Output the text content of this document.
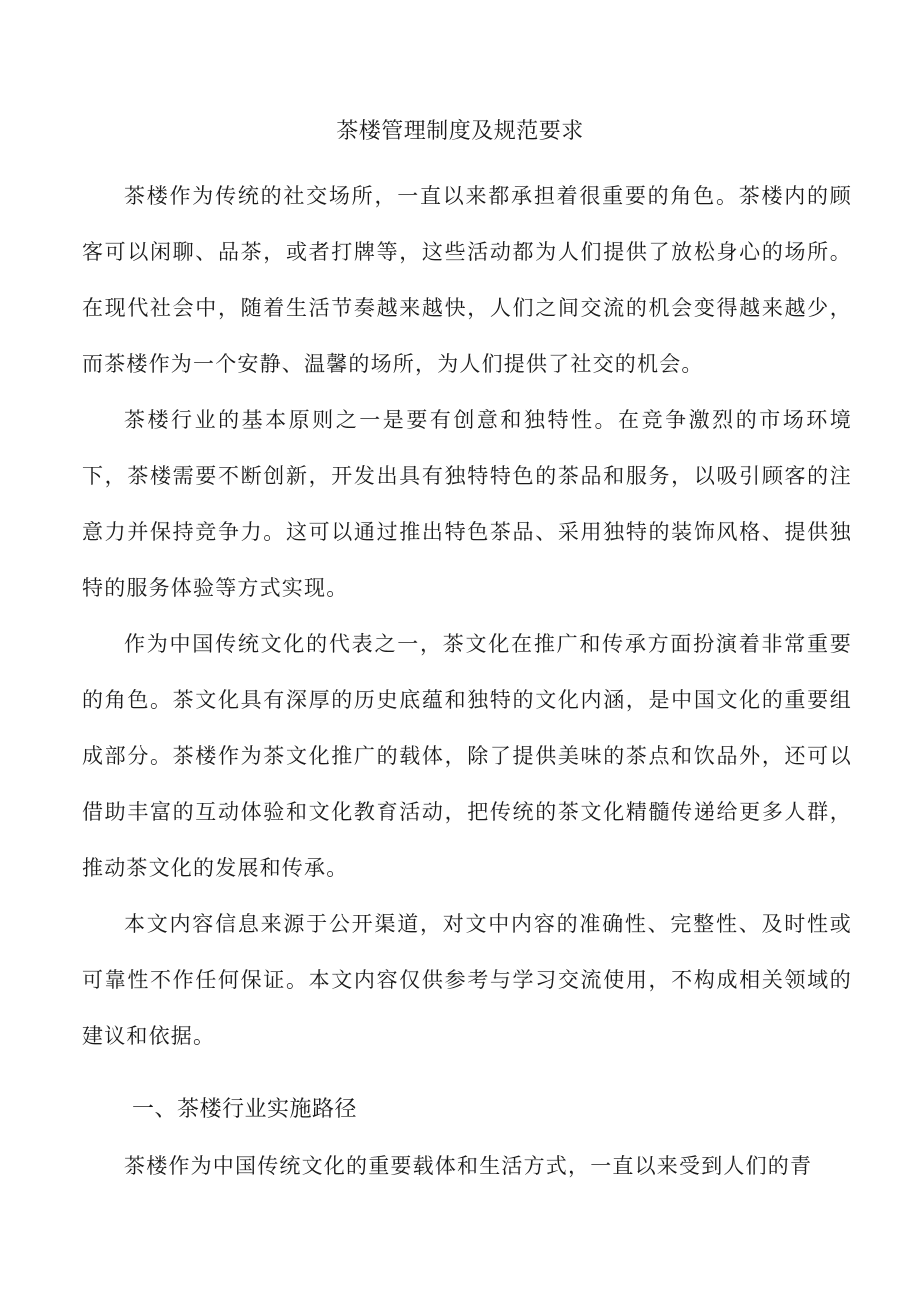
茶楼管理制度及规范要求

茶楼作为传统的社交场所，一直以来都承担着很重要的角色。茶楼内的顾客可以闲聊、品茶，或者打牌等，这些活动都为人们提供了放松身心的场所。在现代社会中，随着生活节奏越来越快，人们之间交流的机会变得越来越少，而茶楼作为一个安静、温馨的场所，为人们提供了社交的机会。

茶楼行业的基本原则之一是要有创意和独特性。在竞争激烈的市场环境下，茶楼需要不断创新，开发出具有独特特色的茶品和服务，以吸引顾客的注意力并保持竞争力。这可以通过推出特色茶品、采用独特的装饰风格、提供独特的服务体验等方式实现。

作为中国传统文化的代表之一，茶文化在推广和传承方面扮演着非常重要的角色。茶文化具有深厚的历史底蕴和独特的文化内涵，是中国文化的重要组成部分。茶楼作为茶文化推广的载体，除了提供美味的茶点和饮品外，还可以借助丰富的互动体验和文化教育活动，把传统的茶文化精髓传递给更多人群，推动茶文化的发展和传承。

本文内容信息来源于公开渠道，对文中内容的准确性、完整性、及时性或可靠性不作任何保证。本文内容仅供参考与学习交流使用，不构成相关领域的建议和依据。

一、茶楼行业实施路径

茶楼作为中国传统文化的重要载体和生活方式，一直以来受到人们的青
